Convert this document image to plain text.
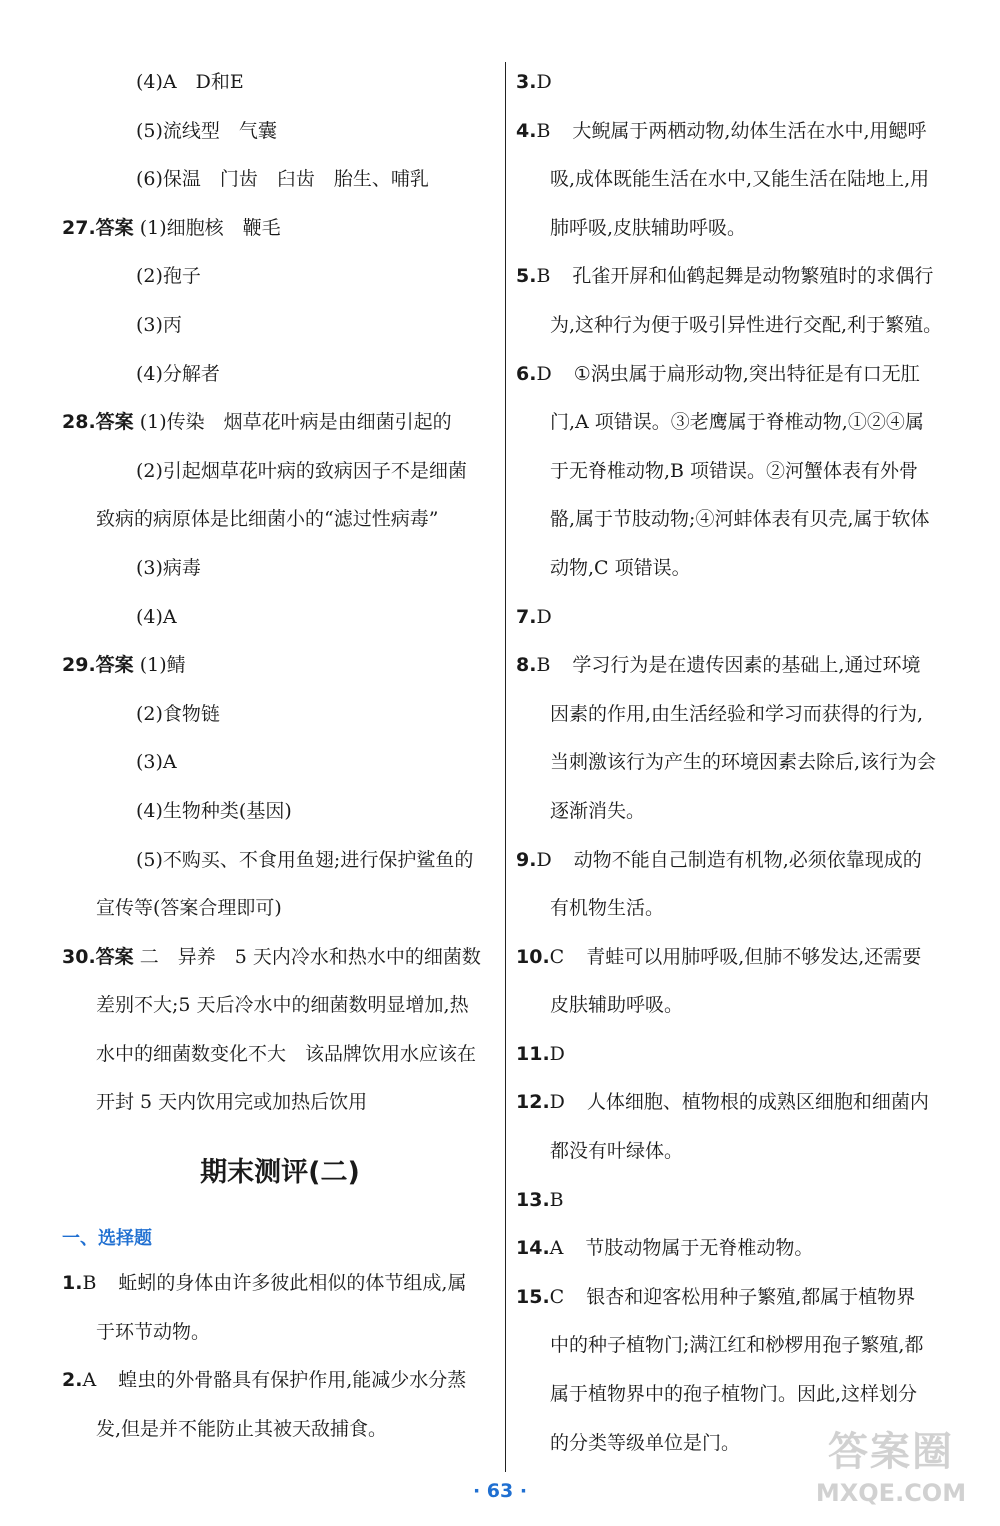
(4)A　D和E
(5)流线型　气囊
(6)保温　门齿　臼齿　胎生、哺乳
27.答案 (1)细胞核　鞭毛
(2)孢子
(3)丙
(4)分解者
28.答案 (1)传染　烟草花叶病是由细菌引起的
(2)引起烟草花叶病的致病因子不是细菌
致病的病原体是比细菌小的“滤过性病毒”
(3)病毒
(4)A
29.答案 (1)鲭
(2)食物链
(3)A
(4)生物种类(基因)
(5)不购买、不食用鱼翅;进行保护鲨鱼的
宣传等(答案合理即可)
30.答案 二　异养　5 天内冷水和热水中的细菌数
差别不大;5 天后冷水中的细菌数明显增加,热
水中的细菌数变化不大　该品牌饮用水应该在
开封 5 天内饮用完或加热后饮用
期末测评(二)
一、选择题
1.B 蚯蚓的身体由许多彼此相似的体节组成,属
于环节动物。
2.A 蝗虫的外骨骼具有保护作用,能减少水分蒸
发,但是并不能防止其被天敌捕食。
3.D
4.B 大鲵属于两栖动物,幼体生活在水中,用鳃呼
吸,成体既能生活在水中,又能生活在陆地上,用
肺呼吸,皮肤辅助呼吸。
5.B 孔雀开屏和仙鹤起舞是动物繁殖时的求偶行
为,这种行为便于吸引异性进行交配,利于繁殖。
6.D ①涡虫属于扁形动物,突出特征是有口无肛
门,A 项错误。③老鹰属于脊椎动物,①②④属
于无脊椎动物,B 项错误。②河蟹体表有外骨
骼,属于节肢动物;④河蚌体表有贝壳,属于软体
动物,C 项错误。
7.D
8.B 学习行为是在遗传因素的基础上,通过环境
因素的作用,由生活经验和学习而获得的行为,
当刺激该行为产生的环境因素去除后,该行为会
逐渐消失。
9.D 动物不能自己制造有机物,必须依靠现成的
有机物生活。
10.C 青蛙可以用肺呼吸,但肺不够发达,还需要
皮肤辅助呼吸。
11.D
12.D 人体细胞、植物根的成熟区细胞和细菌内
都没有叶绿体。
13.B
14.A 节肢动物属于无脊椎动物。
15.C 银杏和迎客松用种子繁殖,都属于植物界
中的种子植物门;满江红和桫椤用孢子繁殖,都
属于植物界中的孢子植物门。因此,这样划分
的分类等级单位是门。
· 63 ·
答案圈
MXQE.COM
